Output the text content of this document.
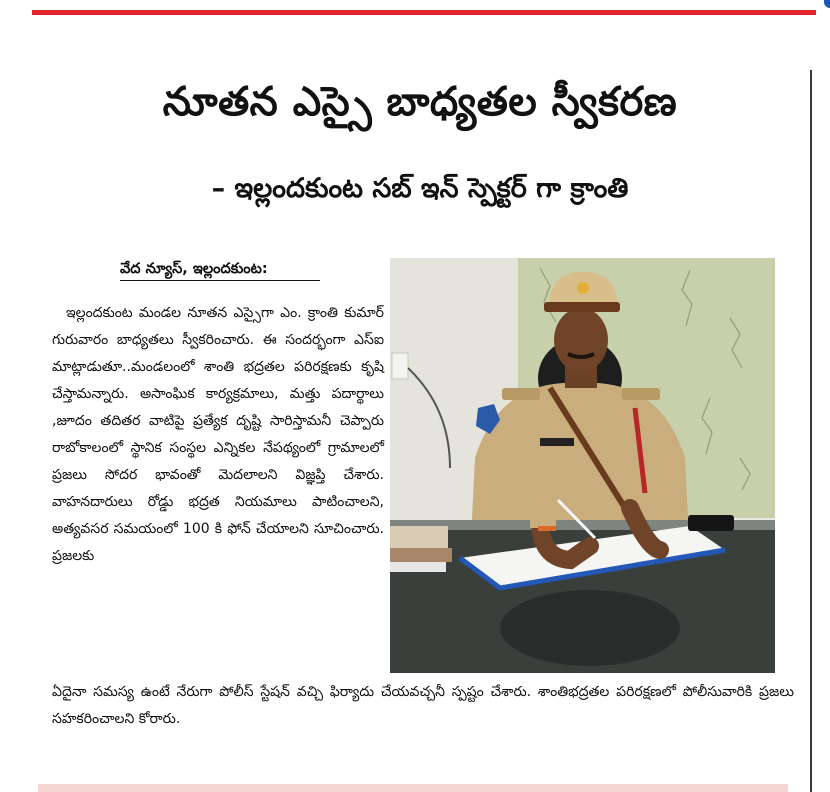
నూతన ఎస్సై బాధ్యతల స్వీకరణ
– ఇల్లందకుంట సబ్ ఇన్ స్పెక్టర్ గా క్రాంతి
వేద న్యూస్, ఇల్లందకుంట:
ఇల్లందకుంట మండల నూతన ఎస్సైగా ఎం. క్రాంతి కుమార్ గురువారం బాధ్యతలు స్వీకరించారు. ఈ సందర్భంగా ఎస్ఐ మాట్లాడుతూ..మండలంలో శాంతి భద్రతల పరిరక్షణకు కృషి చేస్తామన్నారు. అసాంఘిక కార్యక్రమాలు, మత్తు పదార్థాలు ,జూదం తదితర వాటిపై ప్రత్యేక దృష్టి సారిస్తామనీ చెప్పారు రాబోకాలంలో స్థానిక సంస్థల ఎన్నికల నేపథ్యంలో గ్రామాలలో ప్రజలు సోదర భావంతో మెదలాలని విజ్ఞప్తి చేశారు. వాహనదారులు రోడ్డు భద్రత నియమాలు పాటించాలని, అత్యవసర సమయంలో 100 కి ఫోన్ చేయాలని సూచించారు. ప్రజలకు
ఏదైనా సమస్య ఉంటే నేరుగా పోలీస్ స్టేషన్ వచ్చి ఫిర్యాదు చేయవచ్చనీ స్పష్టం చేశారు. శాంతిభద్రతల పరిరక్షణలో పోలీసువారికి ప్రజలు సహకరించాలని కోరారు.
